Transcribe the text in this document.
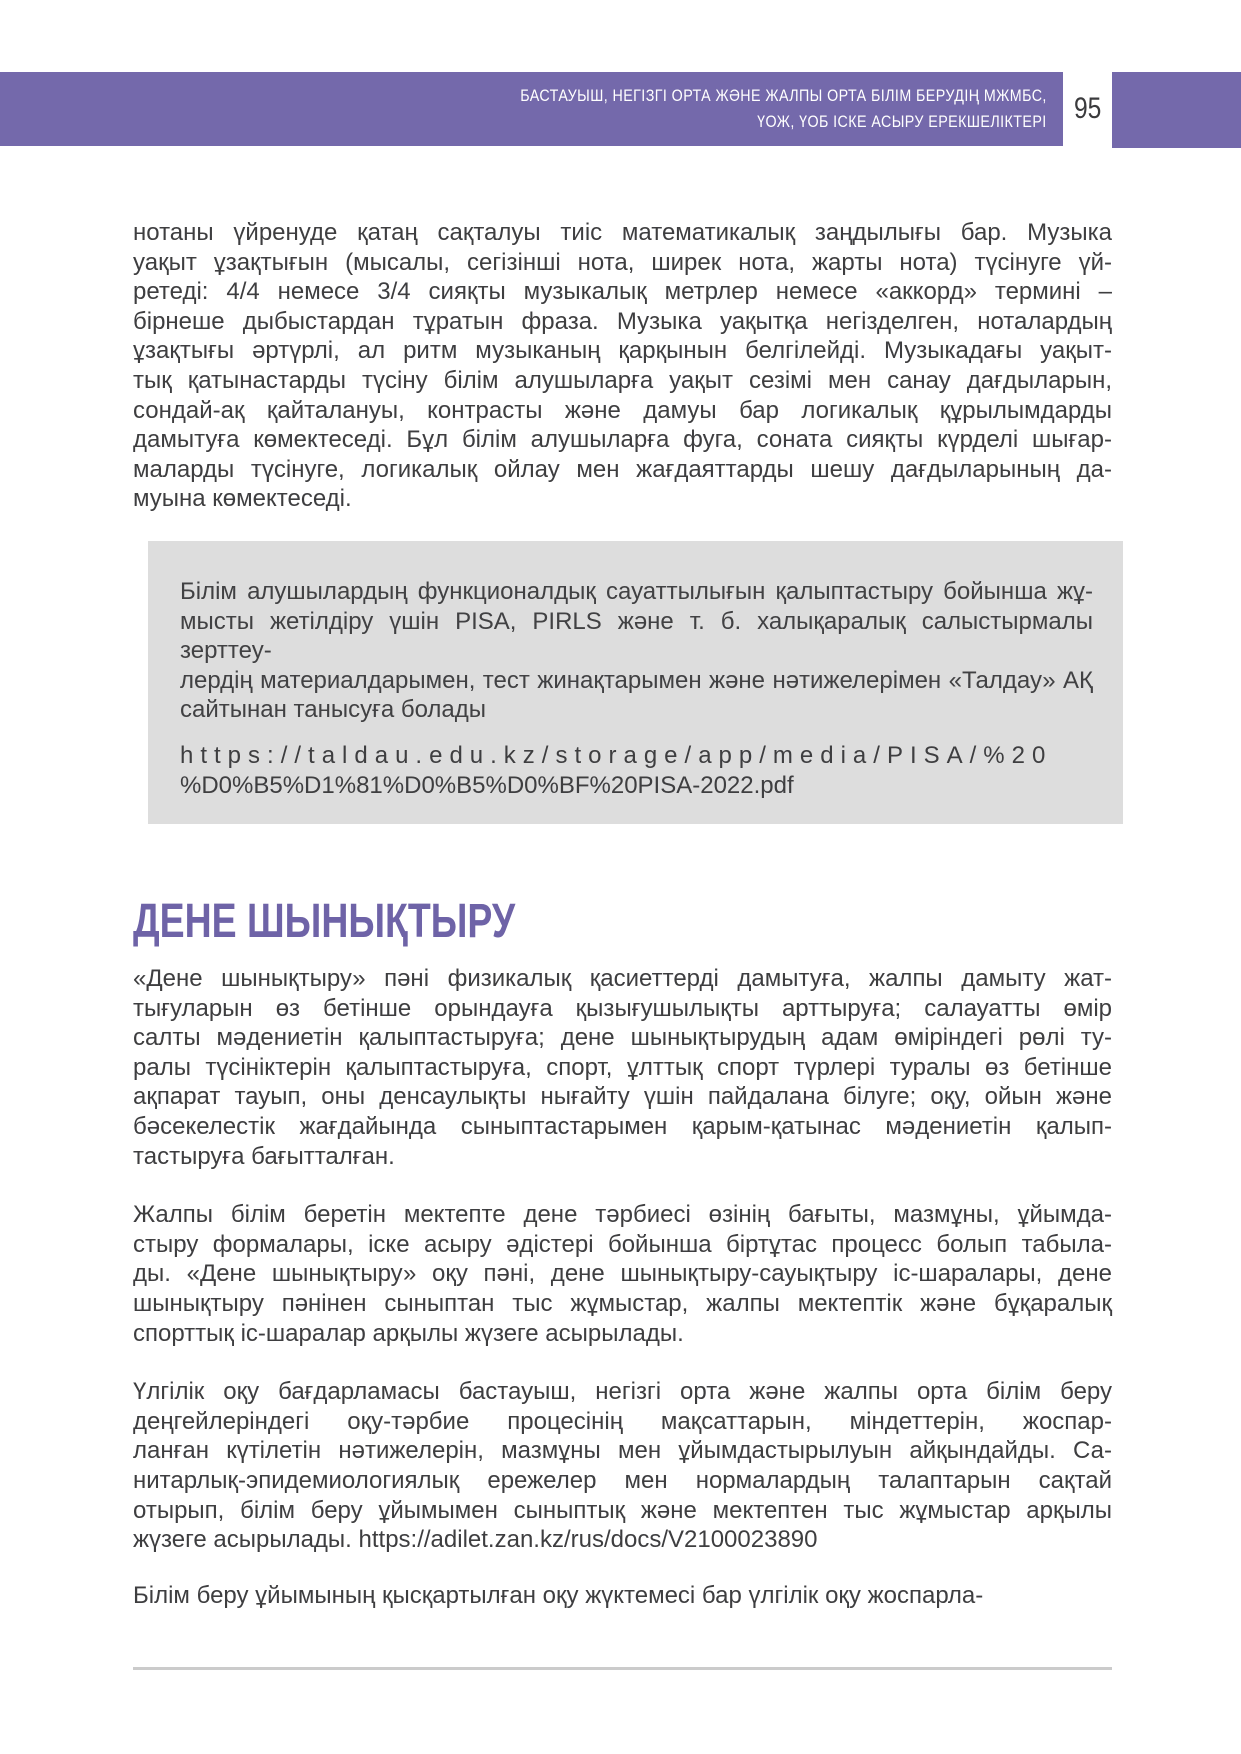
БАСТАУЫШ, НЕГІЗГІ ОРТА ЖӘНЕ ЖАЛПЫ ОРТА БІЛІМ БЕРУДІҢ МЖМБС,
ҮОЖ, ҮОБ ІСКЕ АСЫРУ ЕРЕКШЕЛІКТЕРІ 95
нотаны үйренуде қатаң сақталуы тиіс математикалық заңдылығы бар. Музыка
уақыт ұзақтығын (мысалы, сегізінші нота, ширек нота, жарты нота) түсінуге үй-
ретеді: 4/4 немесе 3/4 сияқты музыкалық метрлер немесе «аккорд» термині –
бірнеше дыбыстардан тұратын фраза. Музыка уақытқа негізделген, ноталардың
ұзақтығы әртүрлі, ал ритм музыканың қарқынын белгілейді. Музыкадағы уақыт-
тық қатынастарды түсіну білім алушыларға уақыт сезімі мен санау дағдыларын,
сондай-ақ қайталануы, контрасты және дамуы бар логикалық құрылымдарды
дамытуға көмектеседі. Бұл білім алушыларға фуга, соната сияқты күрделі шығар-
маларды түсінуге, логикалық ойлау мен жағдаяттарды шешу дағдыларының да-
муына көмектеседі.
Білім алушылардың функционалдық сауаттылығын қалыптастыру бойынша жұ-
мысты жетілдіру үшін PISA, PIRLS және т. б. халықаралық салыстырмалы зерттеу-
лердің материалдарымен, тест жинақтарымен және нәтижелерімен «Талдау» АҚ
сайтынан танысуға болады
https://taldau.edu.kz/storage/app/media/PISA/%20
%D0%B5%D1%81%D0%B5%D0%BF%20PISA-2022.pdf
ДЕНЕ ШЫНЫҚТЫРУ
«Дене шынықтыру» пәні физикалық қасиеттерді дамытуға, жалпы дамыту жат-
тығуларын өз бетінше орындауға қызығушылықты арттыруға; салауатты өмір
салты мәдениетін қалыптастыруға; дене шынықтырудың адам өміріндегі рөлі ту-
ралы түсініктерін қалыптастыруға, спорт, ұлттық спорт түрлері туралы өз бетінше
ақпарат тауып, оны денсаулықты нығайту үшін пайдалана білуге; оқу, ойын және
бәсекелестік жағдайында сыныптастарымен қарым-қатынас мәдениетін қалып-
тастыруға бағытталған.
Жалпы білім беретін мектепте дене тәрбиесі өзінің бағыты, мазмұны, ұйымда-
стыру формалары, іске асыру әдістері бойынша біртұтас процесс болып табыла-
ды. «Дене шынықтыру» оқу пәні, дене шынықтыру-сауықтыру іс-шаралары, дене
шынықтыру пәнінен сыныптан тыс жұмыстар, жалпы мектептік және бұқаралық
спорттық іс-шаралар арқылы жүзеге асырылады.
Үлгілік оқу бағдарламасы бастауыш, негізгі орта және жалпы орта білім беру
деңгейлеріндегі оқу-тәрбие процесінің мақсаттарын, міндеттерін, жоспар-
ланған күтілетін нәтижелерін, мазмұны мен ұйымдастырылуын айқындайды. Са-
нитарлық-эпидемиологиялық ережелер мен нормалардың талаптарын сақтай
отырып, білім беру ұйымымен сыныптық және мектептен тыс жұмыстар арқылы
жүзеге асырылады. https://adilet.zan.kz/rus/docs/V2100023890
Білім беру ұйымының қысқартылған оқу жүктемесі бар үлгілік оқу жоспарла-
